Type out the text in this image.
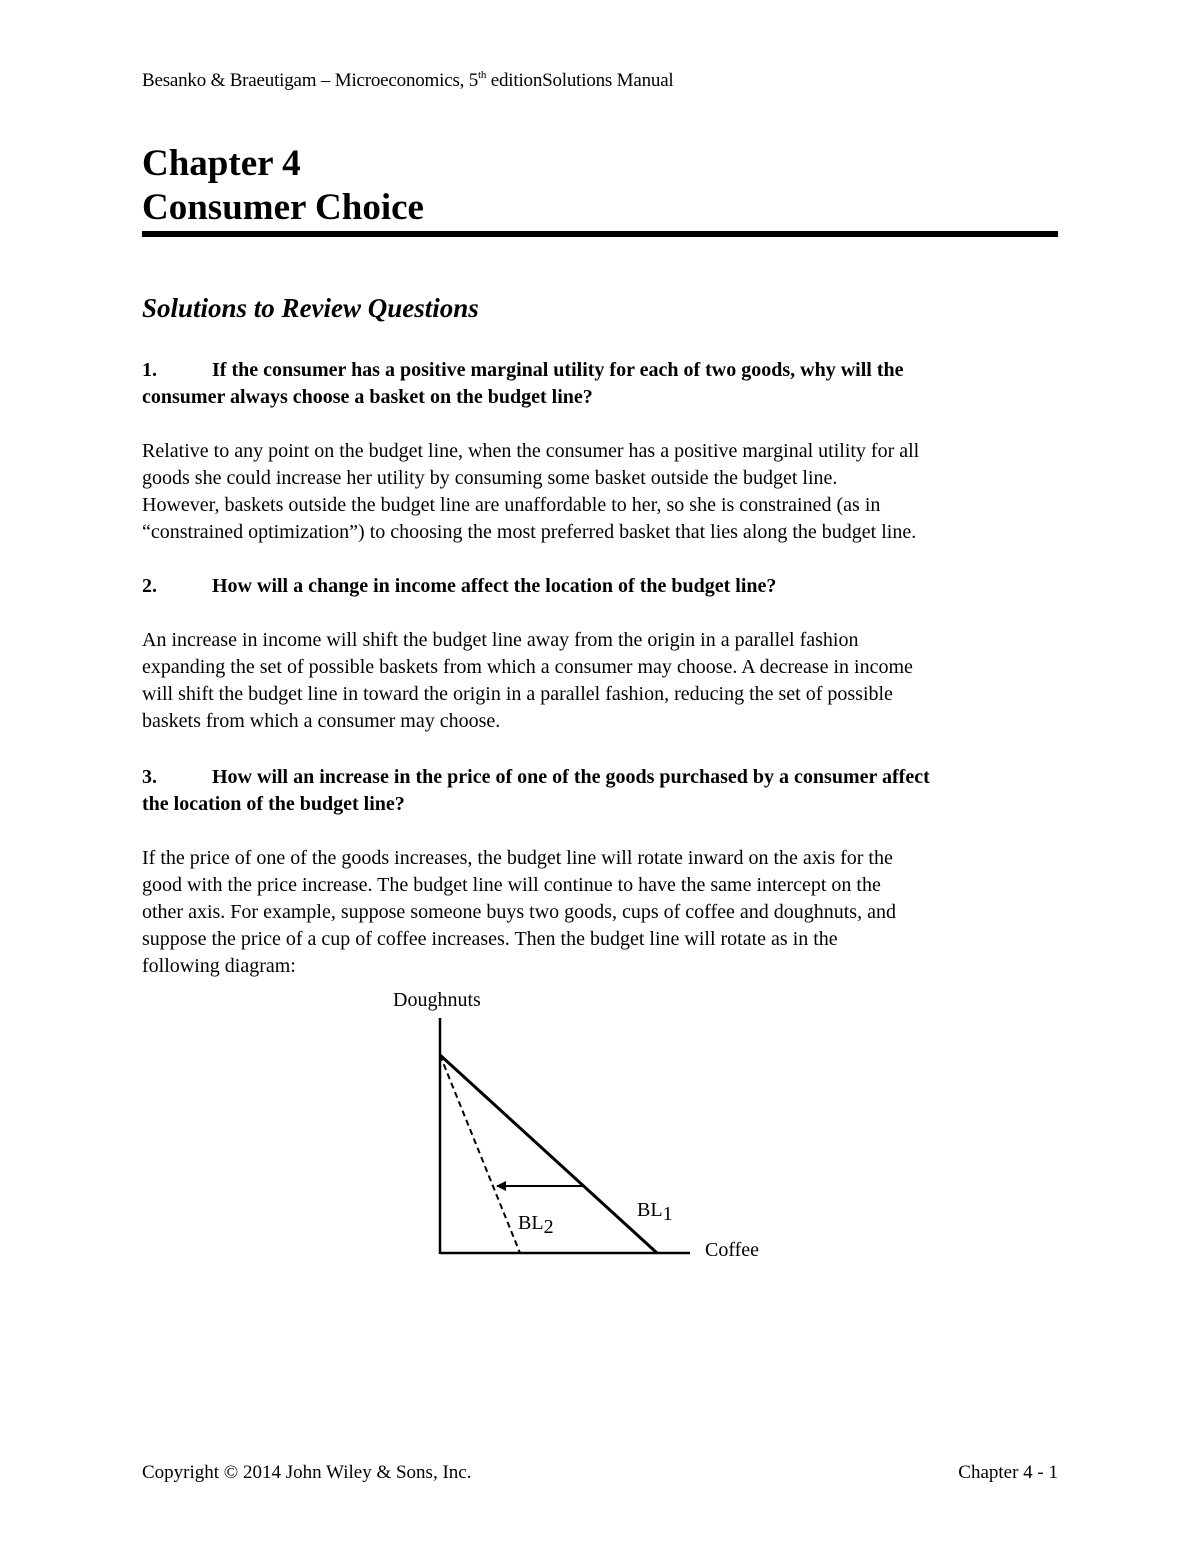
Besanko & Braeutigam – Microeconomics, 5th editionSolutions Manual
Chapter 4
Consumer Choice
Solutions to Review Questions

1.	If the consumer has a positive marginal utility for each of two goods, why will the
consumer always choose a basket on the budget line?

Relative to any point on the budget line, when the consumer has a positive marginal utility for all
goods she could increase her utility by consuming some basket outside the budget line.
However, baskets outside the budget line are unaffordable to her, so she is constrained (as in
“constrained optimization”) to choosing the most preferred basket that lies along the budget line.

2.	How will a change in income affect the location of the budget line?

An increase in income will shift the budget line away from the origin in a parallel fashion
expanding the set of possible baskets from which a consumer may choose. A decrease in income
will shift the budget line in toward the origin in a parallel fashion, reducing the set of possible
baskets from which a consumer may choose.

3.	How will an increase in the price of one of the goods purchased by a consumer affect
the location of the budget line?

If the price of one of the goods increases, the budget line will rotate inward on the axis for the
good with the price increase. The budget line will continue to have the same intercept on the
other axis. For example, suppose someone buys two goods, cups of coffee and doughnuts, and
suppose the price of a cup of coffee increases. Then the budget line will rotate as in the
following diagram:

Doughnuts
Coffee
BL1
BL2
Copyright © 2014 John Wiley & Sons, Inc.	Chapter 4 - 1
